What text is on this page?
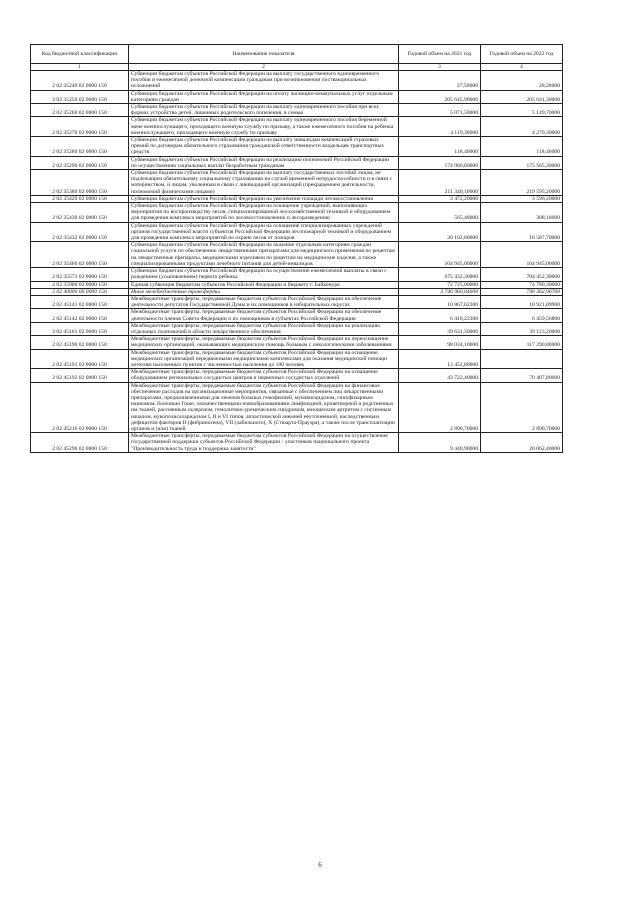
Код бюджетной классификации	Наименование показателя	Годовой объем на 2021 год	Годовой объем на 2022 год
1	2	3	4
2 02 35240 02 0000 150	Субвенции бюджетам субъектов Российской Федерации на выплату государственного единовременного пособия и ежемесячной денежной компенсации гражданам при возникновении поствакцинальных осложнений	27,50000	28,20000
2 02 35250 02 0000 150	Субвенции бюджетам субъектов Российской Федерации на оплату жилищно-коммунальных услуг отдельным категориям граждан	205 645,90000	205 641,30000
2 02 35260 02 0000 150	Субвенции бюджетам субъектов Российской Федерации на выплату единовременного пособия при всех формах устройства детей, лишенных родительского попечения, в семью	5 071,50000	5 149,70000
2 02 35270 02 0000 150	Субвенции бюджетам субъектов Российской Федерации на выплату единовременного пособия беременной жене военнослужащего, проходящего военную службу по призыву, а также ежемесячного пособия на ребенка военнослужащего, проходящего военную службу по призыву	4 119,30000	4 279,30000
2 02 35280 02 0000 150	Субвенции бюджетам субъектов Российской Федерации на выплату инвалидам компенсаций страховых премий по договорам обязательного страхования гражданской ответственности владельцев транспортных средств	118,40000	118,40000
2 02 35290 02 0000 150	Субвенции бюджетам субъектов Российской Федерации на реализацию полномочий Российской Федерации по осуществлению социальных выплат безработным гражданам	174 960,60000	175 565,30000
2 02 35380 02 0000 150	Субвенции бюджетам субъектов Российской Федерации на выплату государственных пособий лицам, не подлежащим обязательному социальному страхованию на случай временной нетрудоспособности и в связи с материнством, и лицам, уволенным в связи с ликвидацией организаций (прекращением деятельности, полномочий физическими лицами)	211 340,10000	219 595,20000
2 02 35429 02 0000 150	Субвенции бюджетам субъектов Российской Федерации на увеличение площади лесовосстановления	3 472,20000	3 596,20000
2 02 35430 02 0000 150	Субвенции бюджетам субъектов Российской Федерации на оснащение учреждений, выполняющих мероприятия по воспроизводству лесов, специализированной лесохозяйственной техникой и оборудованием для проведения комплекса мероприятий по лесовосстановлению и лесоразведению	565,40000	308,10000
2 02 35432 02 0000 150	Субвенции бюджетам субъектов Российской Федерации на оснащение специализированных учреждений органов государственной власти субъектов Российской Федерации лесопожарной техникой и оборудованием для проведения комплекса мероприятий по охране лесов от пожаров	20 102,80000	16 587,70000
2 02 35460 02 0000 150	Субвенции бюджетам субъектов Российской Федерации на оказание отдельным категориям граждан социальной услуги по обеспечению лекарственными препаратами для медицинского применения по рецептам на лекарственные препараты, медицинскими изделиями по рецептам на медицинские изделия, а также специализированными продуктами лечебного питания для детей-инвалидов	104 945,00000	104 945,00000
2 02 35573 02 0000 150	Субвенции бюджетам субъектов Российской Федерации на осуществление ежемесячной выплаты в связи с рождением (усыновлением) первого ребенка	675 432,30000	704 452,30000
2 02 35900 02 0000 150	Единая субвенция бюджетам субъектов Российской Федерации и бюджету г. Байконура	72 725,00000	74 780,30000
2 02 40000 00 0000 150	Иные межбюджетные трансферты	3 746 960,04600	740 362,96700
2 02 45141 02 0000 150	Межбюджетные трансферты, передаваемые бюджетам субъектов Российской Федерации на обеспечение деятельности депутатов Государственной Думы и их помощников в избирательных округах	10 867,62300	10 921,09900
2 02 45142 02 0000 150	Межбюджетные трансферты, передаваемые бюджетам субъектов Российской Федерации на обеспечение деятельности членов Совета Федерации и их помощников в субъектах Российской Федерации	6 418,22300	6 459,56800
2 02 45161 02 0000 150	Межбюджетные трансферты, передаваемые бюджетам субъектов Российской Федерации на реализацию отдельных полномочий в области лекарственного обеспечения	39 631,50000	39 123,20000
2 02 45190 02 0000 150	Межбюджетные трансферты, передаваемые бюджетам субъектов Российской Федерации на переоснащение медицинских организаций, оказывающих медицинскую помощь больным с онкологическими заболеваниями	98 034,10000	117 290,80000
2 02 45191 02 0000 150	Межбюджетные трансферты, передаваемые бюджетам субъектов Российской Федерации на оснащение медицинских организаций передвижными медицинскими комплексами для оказания медицинской помощи жителям населенных пунктов с численностью населения до 100 человек	13 452,80000	
2 02 45192 02 0000 150	Межбюджетные трансферты, передаваемые бюджетам субъектов Российской Федерации на оснащение оборудованием региональных сосудистых центров и первичных сосудистых отделений	43 722,40000	70 407,80000
2 02 45216 02 0000 150	Межбюджетные трансферты, передаваемые бюджетам субъектов Российской Федерации на финансовое обеспечение расходов на организационные мероприятия, связанные с обеспечением лиц лекарственными препаратами, предназначенными для лечения больных гемофилией, муковисцидозом, гипофизарным нанизмом, болезнью Гоше, злокачественными новообразованиями лимфоидной, кроветворной и родственных им тканей, рассеянным склерозом, гемолитико-уремическим синдромом, юношеским артритом с системным началом, мукополисахаридозом I, II и VI типов, апластической анемией неуточненной, наследственным дефицитом факторов II (фибриногена), VII (лабильного), X (Стюарта-Прауэра), а также после трансплантации органов и (или) тканей	2 890,70000	2 890,70000
2 02 45296 02 0000 150	Межбюджетные трансферты, передаваемые бюджетам субъектов Российской Федерации на осуществление государственной поддержки субъектов Российской Федерации - участников национального проекта "Производительность труда и поддержка занятости"	9 440,90000	20 062,40000
6
